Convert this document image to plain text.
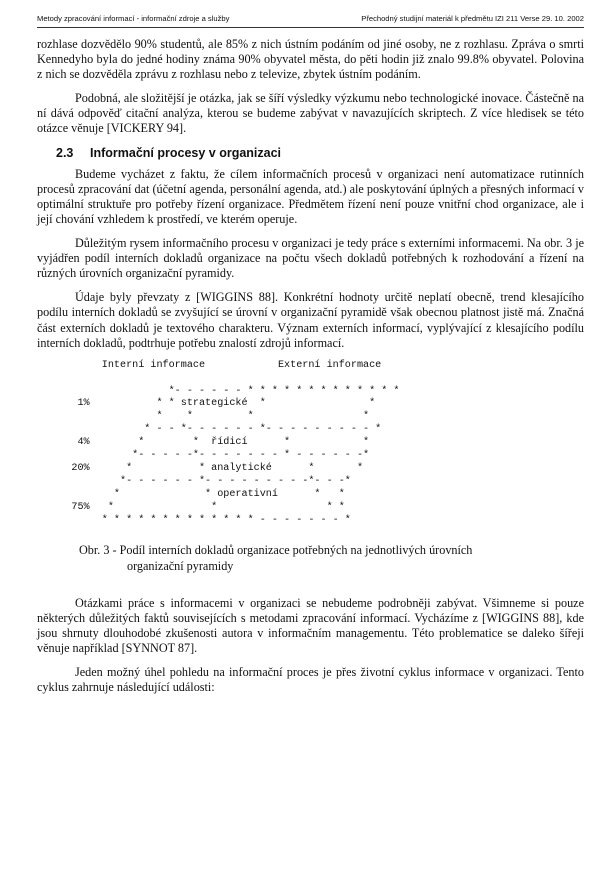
Metody zpracování informací - informační zdroje a služby	Přechodný studijní materiál k předmětu IZI 211 Verse 29. 10. 2002

rozhlase dozvědělo 90% studentů, ale 85% z nich ústním podáním od jiné osoby, ne z rozhlasu. Zpráva o smrti Kennedyho byla do jedné hodiny známa 90% obyvatel města, do pěti hodin již znalo 99.8% obyvatel. Polovina z nich se dozvěděla zprávu z rozhlasu nebo z televize, zbytek ústním podáním.

Podobná, ale složitější je otázka, jak se šíří výsledky výzkumu nebo technologické inovace. Částečně na ní dává odpověď citační analýza, kterou se budeme zabývat v navazujících skriptech. Z více hledisek se této otázce věnuje [VICKERY 94].

2.3 Informační procesy v organizaci

Budeme vycházet z faktu, že cílem informačních procesů v organizaci není automatizace rutinních procesů zpracování dat (účetní agenda, personální agenda, atd.) ale poskytování úplných a přesných informací v optimální struktuře pro potřeby řízení organizace. Předmětem řízení není pouze vnitřní chod organizace, ale i její chování vzhledem k prostředí, ve kterém operuje.

Důležitým rysem informačního procesu v organizaci je tedy práce s externími informacemi. Na obr. 3 je vyjádřen podíl interních dokladů organizace na počtu všech dokladů potřebných k rozhodování a řízení na různých úrovních organizační pyramidy.

Údaje byly převzaty z [WIGGINS 88]. Konkrétní hodnoty určitě neplatí obecně, trend klesajícího podílu interních dokladů se zvyšující se úrovní v organizační pyramidě však obecnou platnost jistě má. Značná část externích dokladů je textového charakteru. Význam externích informací, vyplývající z klesajícího podílu interních dokladů, podtrhuje potřebu znalostí zdrojů informací.

Interní informace            Externí informace

*- - - - - - * * * * * * * * * * * * *
1%           * * strategické  *                 *
*    *         *                  *
* - - *- - - - - - *- - - - - - - - - *
4%        *        *  řídicí      *            *
*- - - - -*- - - - - - - * - - - - - -*
20%      *           * analytické      *       *
*- - - - - - *- - - - - - - - -*- - -*
*              * operativní      *   *
75%   *                *                  * *
* * * * * * * * * * * * * - - - - - - - *
Obr. 3 - Podíl interních dokladů organizace potřebných na jednotlivých úrovních
organizační pyramidy

Otázkami práce s informacemi v organizaci se nebudeme podrobněji zabývat. Všimneme si pouze některých důležitých faktů souvisejících s metodami zpracování informací. Vycházíme z [WIGGINS 88], kde jsou shrnuty dlouhodobé zkušenosti autora v informačním managementu. Této problematice se daleko šířeji věnuje například [SYNNOT 87].

Jeden možný úhel pohledu na informační proces je přes životní cyklus informace v organizaci. Tento cyklus zahrnuje následující události:
